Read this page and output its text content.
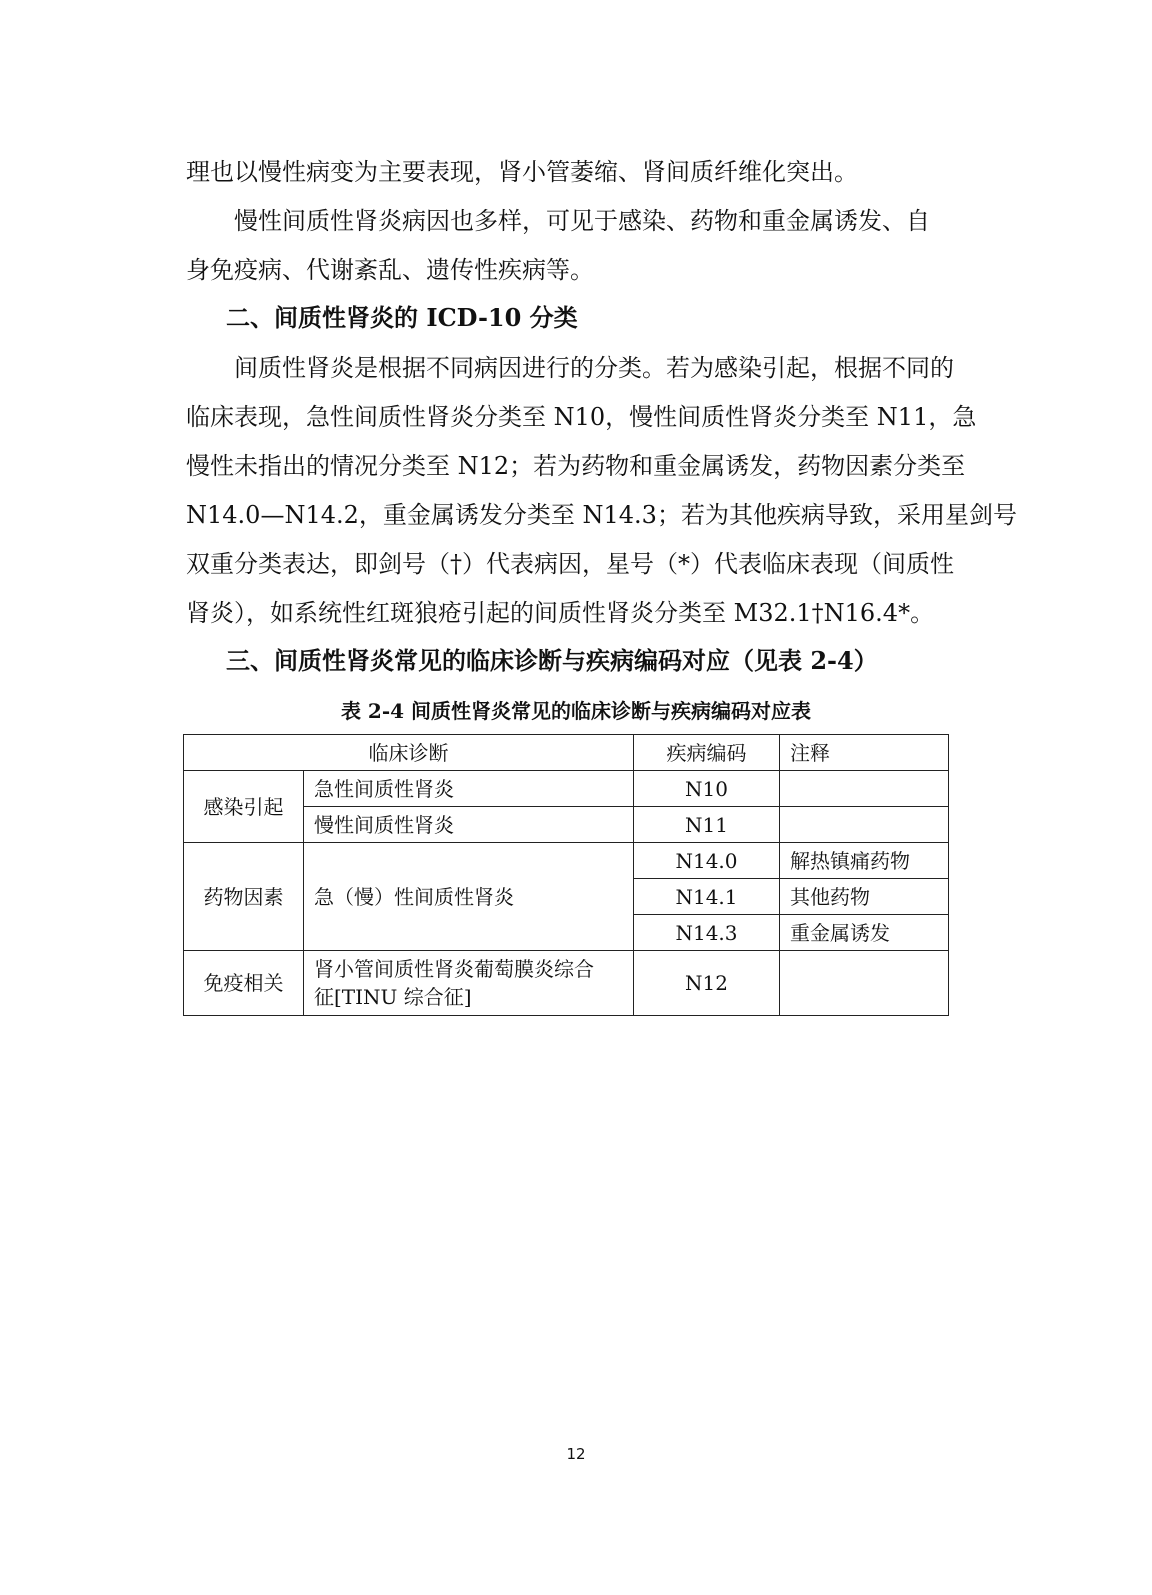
理也以慢性病变为主要表现，肾小管萎缩、肾间质纤维化突出。

慢性间质性肾炎病因也多样，可见于感染、药物和重金属诱发、自

身免疫病、代谢紊乱、遗传性疾病等。

二、间质性肾炎的 ICD-10 分类

间质性肾炎是根据不同病因进行的分类。若为感染引起，根据不同的

临床表现，急性间质性肾炎分类至 N10，慢性间质性肾炎分类至 N11，急

慢性未指出的情况分类至 N12；若为药物和重金属诱发，药物因素分类至

N14.0—N14.2，重金属诱发分类至 N14.3；若为其他疾病导致，采用星剑号

双重分类表达，即剑号（†）代表病因，星号（*）代表临床表现（间质性

肾炎），如系统性红斑狼疮引起的间质性肾炎分类至 M32.1†N16.4*。

三、间质性肾炎常见的临床诊断与疾病编码对应（见表 2-4）

表 2-4 间质性肾炎常见的临床诊断与疾病编码对应表

临床诊断		疾病编码	注释
感染引起	急性间质性肾炎	N10	
	慢性间质性肾炎	N11	
药物因素	急（慢）性间质性肾炎	N14.0	解热镇痛药物
		N14.1	其他药物
		N14.3	重金属诱发
免疫相关	肾小管间质性肾炎葡萄膜炎综合
征[TINU 综合征]	N12	

12
